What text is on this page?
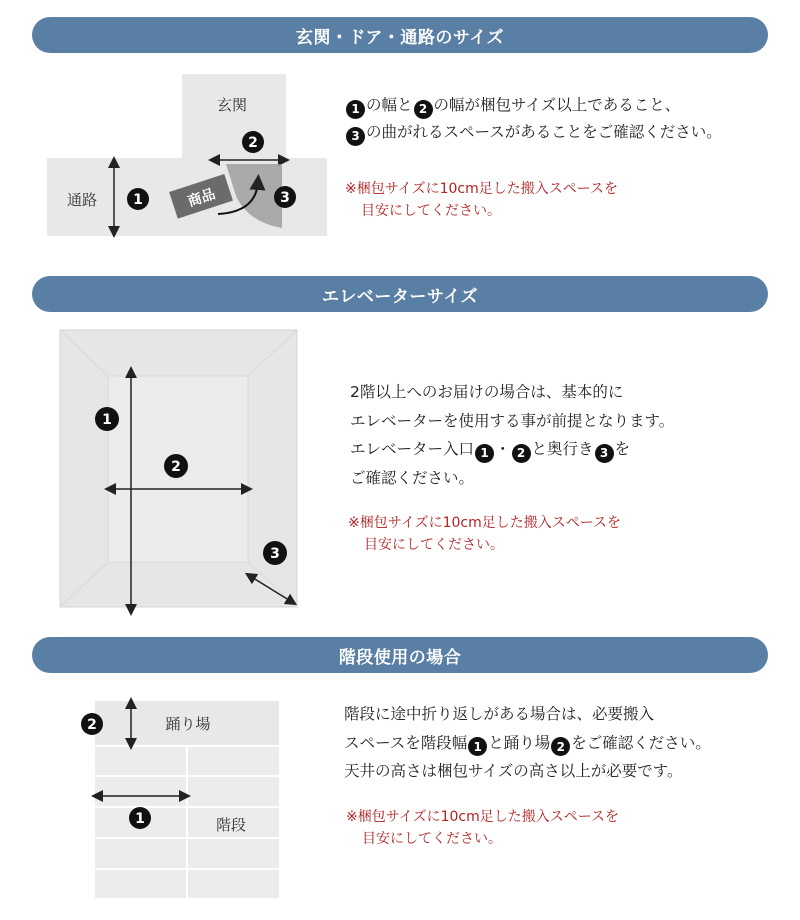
玄関・ドア・通路のサイズ
エレベーターサイズ
階段使用の場合
玄関
通路	1
2
商品	3
1
2
3
踊り場
階段
2
1
1 の幅と 2 の幅が梱包サイズ以上であること、
3 の曲がれるスペースがあることをご確認ください。
※梱包サイズに10cm足した搬入スペースを
目安にしてください。
2階以上へのお届けの場合は、基本的に
エレベーターを使用する事が前提となります。
エレベーター入口 1 ・ 2 と奥行き 3 を
ご確認ください。
※梱包サイズに10cm足した搬入スペースを
目安にしてください。
階段に途中折り返しがある場合は、必要搬入
スペースを階段幅 1 と踊り場 2 をご確認ください。
天井の高さは梱包サイズの高さ以上が必要です。
※梱包サイズに10cm足した搬入スペースを
目安にしてください。
